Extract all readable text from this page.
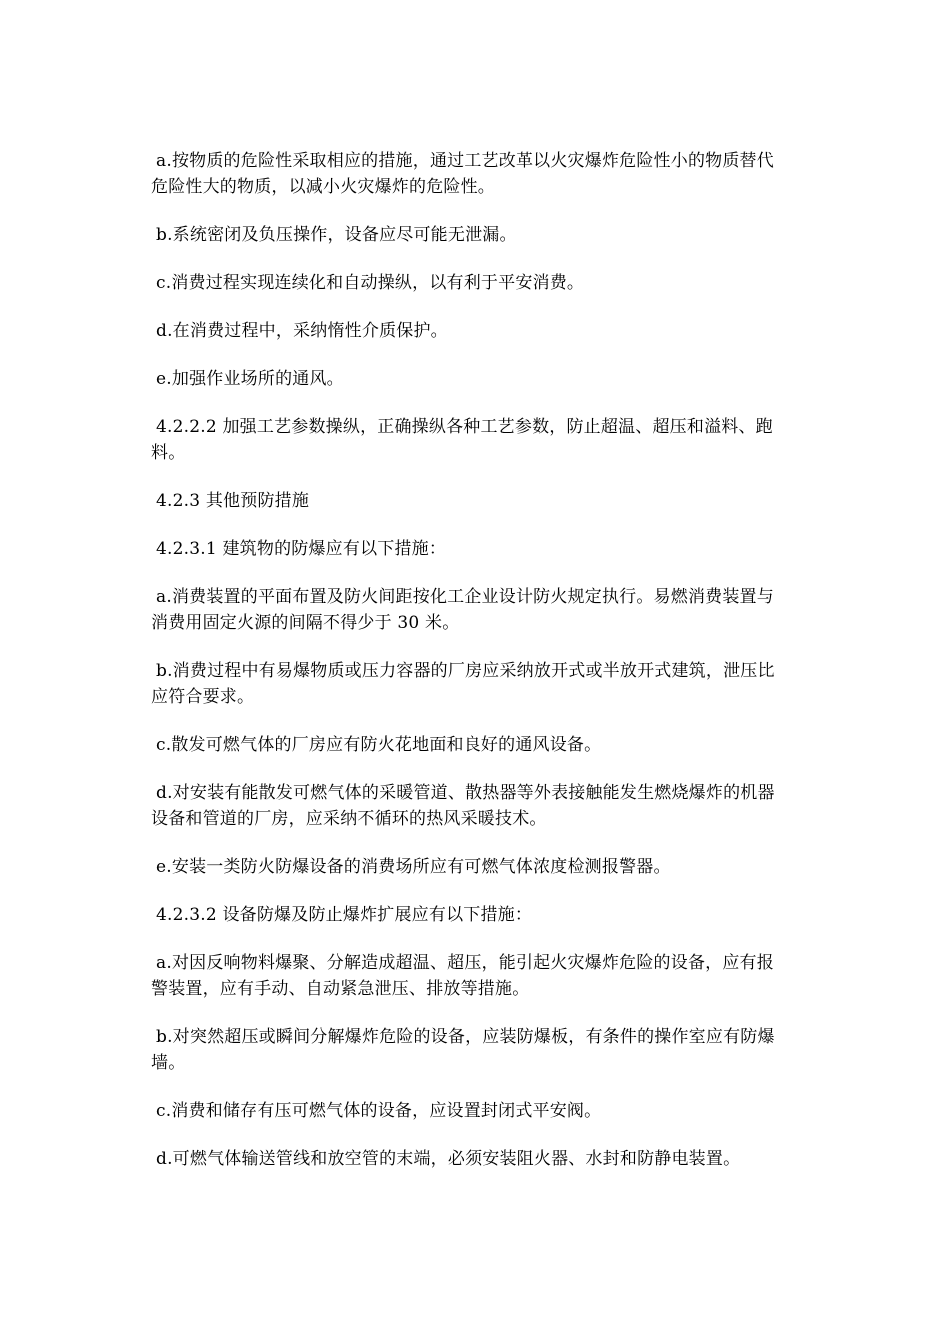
a.按物质的危险性采取相应的措施，通过工艺改革以火灾爆炸危险性小的物质替代危险性大的物质，以减小火灾爆炸的危险性。

b.系统密闭及负压操作，设备应尽可能无泄漏。

c.消费过程实现连续化和自动操纵，以有利于平安消费。

d.在消费过程中，采纳惰性介质保护。

e.加强作业场所的通风。

4.2.2.2 加强工艺参数操纵，正确操纵各种工艺参数，防止超温、超压和溢料、跑料。

4.2.3 其他预防措施

4.2.3.1 建筑物的防爆应有以下措施：

a.消费装置的平面布置及防火间距按化工企业设计防火规定执行。易燃消费装置与消费用固定火源的间隔不得少于 30 米。

b.消费过程中有易爆物质或压力容器的厂房应采纳放开式或半放开式建筑，泄压比应符合要求。

c.散发可燃气体的厂房应有防火花地面和良好的通风设备。

d.对安装有能散发可燃气体的采暖管道、散热器等外表接触能发生燃烧爆炸的机器设备和管道的厂房，应采纳不循环的热风采暖技术。

e.安装一类防火防爆设备的消费场所应有可燃气体浓度检测报警器。

4.2.3.2 设备防爆及防止爆炸扩展应有以下措施：

a.对因反响物料爆聚、分解造成超温、超压，能引起火灾爆炸危险的设备，应有报警装置，应有手动、自动紧急泄压、排放等措施。

b.对突然超压或瞬间分解爆炸危险的设备，应装防爆板，有条件的操作室应有防爆墙。

c.消费和储存有压可燃气体的设备，应设置封闭式平安阀。

d.可燃气体输送管线和放空管的末端，必须安装阻火器、水封和防静电装置。
